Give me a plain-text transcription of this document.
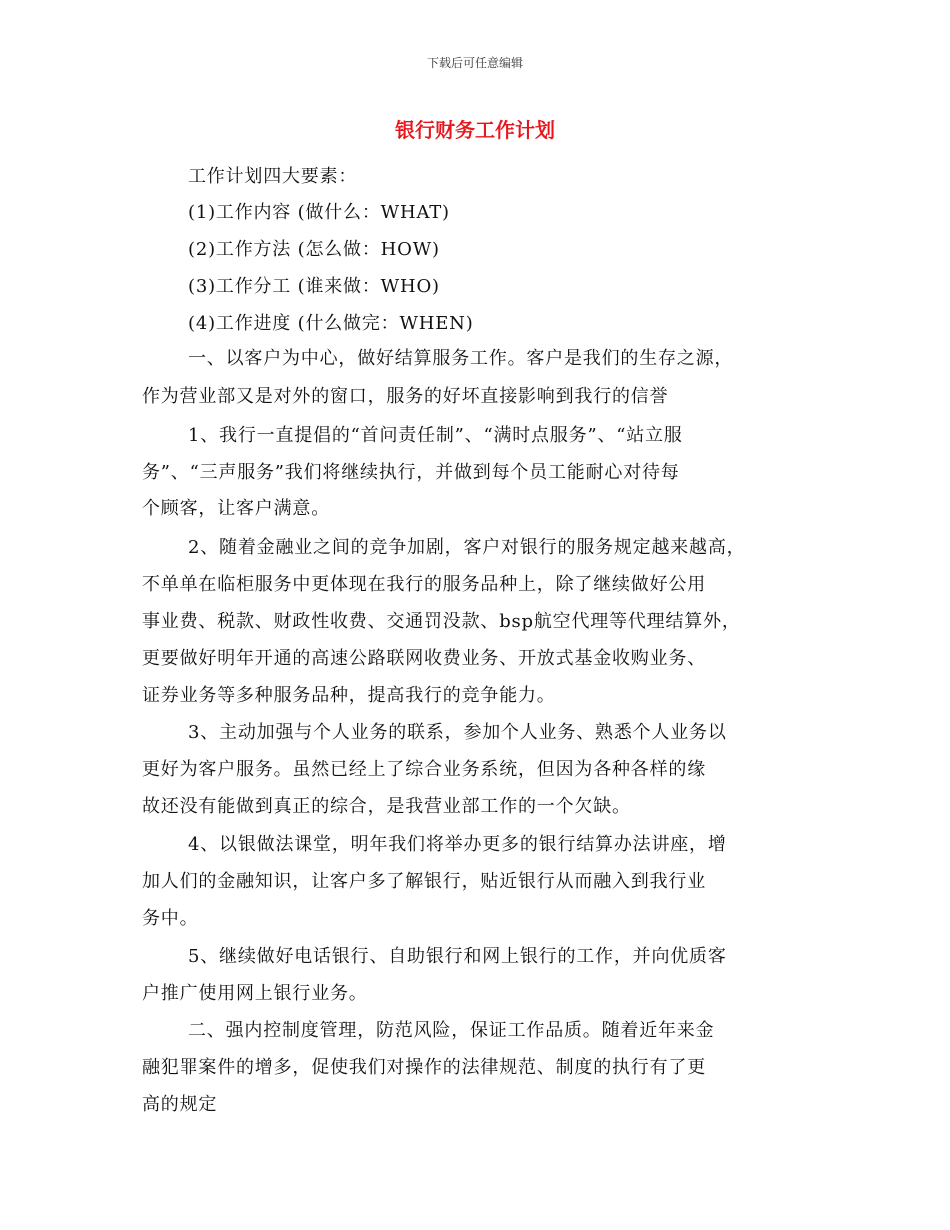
下载后可任意编辑
银行财务工作计划
工作计划四大要素：
(1)工作内容 (做什么：WHAT)
(2)工作方法 (怎么做：HOW)
(3)工作分工 (谁来做：WHO)
(4)工作进度 (什么做完：WHEN)
一、以客户为中心，做好结算服务工作。客户是我们的生存之源，
作为营业部又是对外的窗口，服务的好坏直接影响到我行的信誉
1、我行一直提倡的“首问责任制”、“满时点服务”、“站立服
务”、“三声服务”我们将继续执行，并做到每个员工能耐心对待每
个顾客，让客户满意。
2、随着金融业之间的竞争加剧，客户对银行的服务规定越来越高，
不单单在临柜服务中更体现在我行的服务品种上，除了继续做好公用
事业费、税款、财政性收费、交通罚没款、bsp航空代理等代理结算外，
更要做好明年开通的高速公路联网收费业务、开放式基金收购业务、
证券业务等多种服务品种，提高我行的竞争能力。
3、主动加强与个人业务的联系，参加个人业务、熟悉个人业务以
更好为客户服务。虽然已经上了综合业务系统，但因为各种各样的缘
故还没有能做到真正的综合，是我营业部工作的一个欠缺。
4、以银做法课堂，明年我们将举办更多的银行结算办法讲座，增
加人们的金融知识，让客户多了解银行，贴近银行从而融入到我行业
务中。
5、继续做好电话银行、自助银行和网上银行的工作，并向优质客
户推广使用网上银行业务。
二、强内控制度管理，防范风险，保证工作品质。随着近年来金
融犯罪案件的增多，促使我们对操作的法律规范、制度的执行有了更
高的规定
